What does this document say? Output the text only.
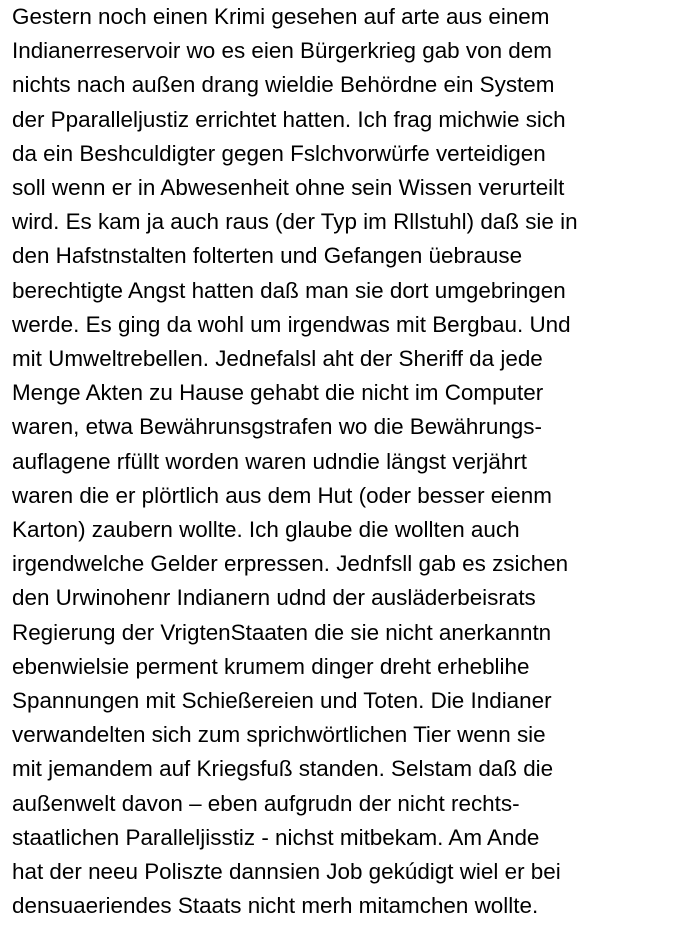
Gestern noch einen Krimi gesehen auf arte aus einem
Indianerreservoir wo es eien Bürgerkrieg gab von dem
nichts nach außen drang wieldie Behördne ein System
der Pparalleljustiz errichtet hatten. Ich frag michwie sich
da ein Beshculdigter gegen Fslchvorwürfe verteidigen
soll wenn er in Abwesenheit ohne sein Wissen verurteilt
wird. Es kam ja auch raus (der Typ im Rllstuhl) daß sie in
den Hafstnstalten folterten und Gefangen üebrause
berechtigte Angst hatten daß man sie dort umgebringen
werde. Es ging da wohl um irgendwas mit Bergbau. Und
mit Umweltrebellen. Jednefalsl aht der Sheriff da jede
Menge Akten zu Hause gehabt die nicht im Computer
waren, etwa Bewährunsgstrafen wo die Bewährungs-
auflagene rfüllt worden waren udndie längst verjährt
waren die er plörtlich aus dem Hut (oder besser eienm
Karton) zaubern wollte. Ich glaube die wollten auch
irgendwelche Gelder erpressen. Jednfsll gab es zsichen
den Urwinohenr Indianern udnd der ausläderbeisrats
Regierung der VrigtenStaaten die sie nicht anerkanntn
ebenwielsie perment krumem dinger dreht erheblihe
Spannungen mit Schießereien und Toten. Die Indianer
verwandelten sich zum sprichwörtlichen Tier wenn sie
mit jemandem auf Kriegsfuß standen. Selstam daß die
außenwelt davon – eben aufgrudn der nicht rechts-
staatlichen Paralleljisstiz - nichst mitbekam. Am Ande
hat der neeu Poliszte dannsien Job gekúdigt wiel er bei
densuaeriendes Staats nicht merh mitamchen wollte.
